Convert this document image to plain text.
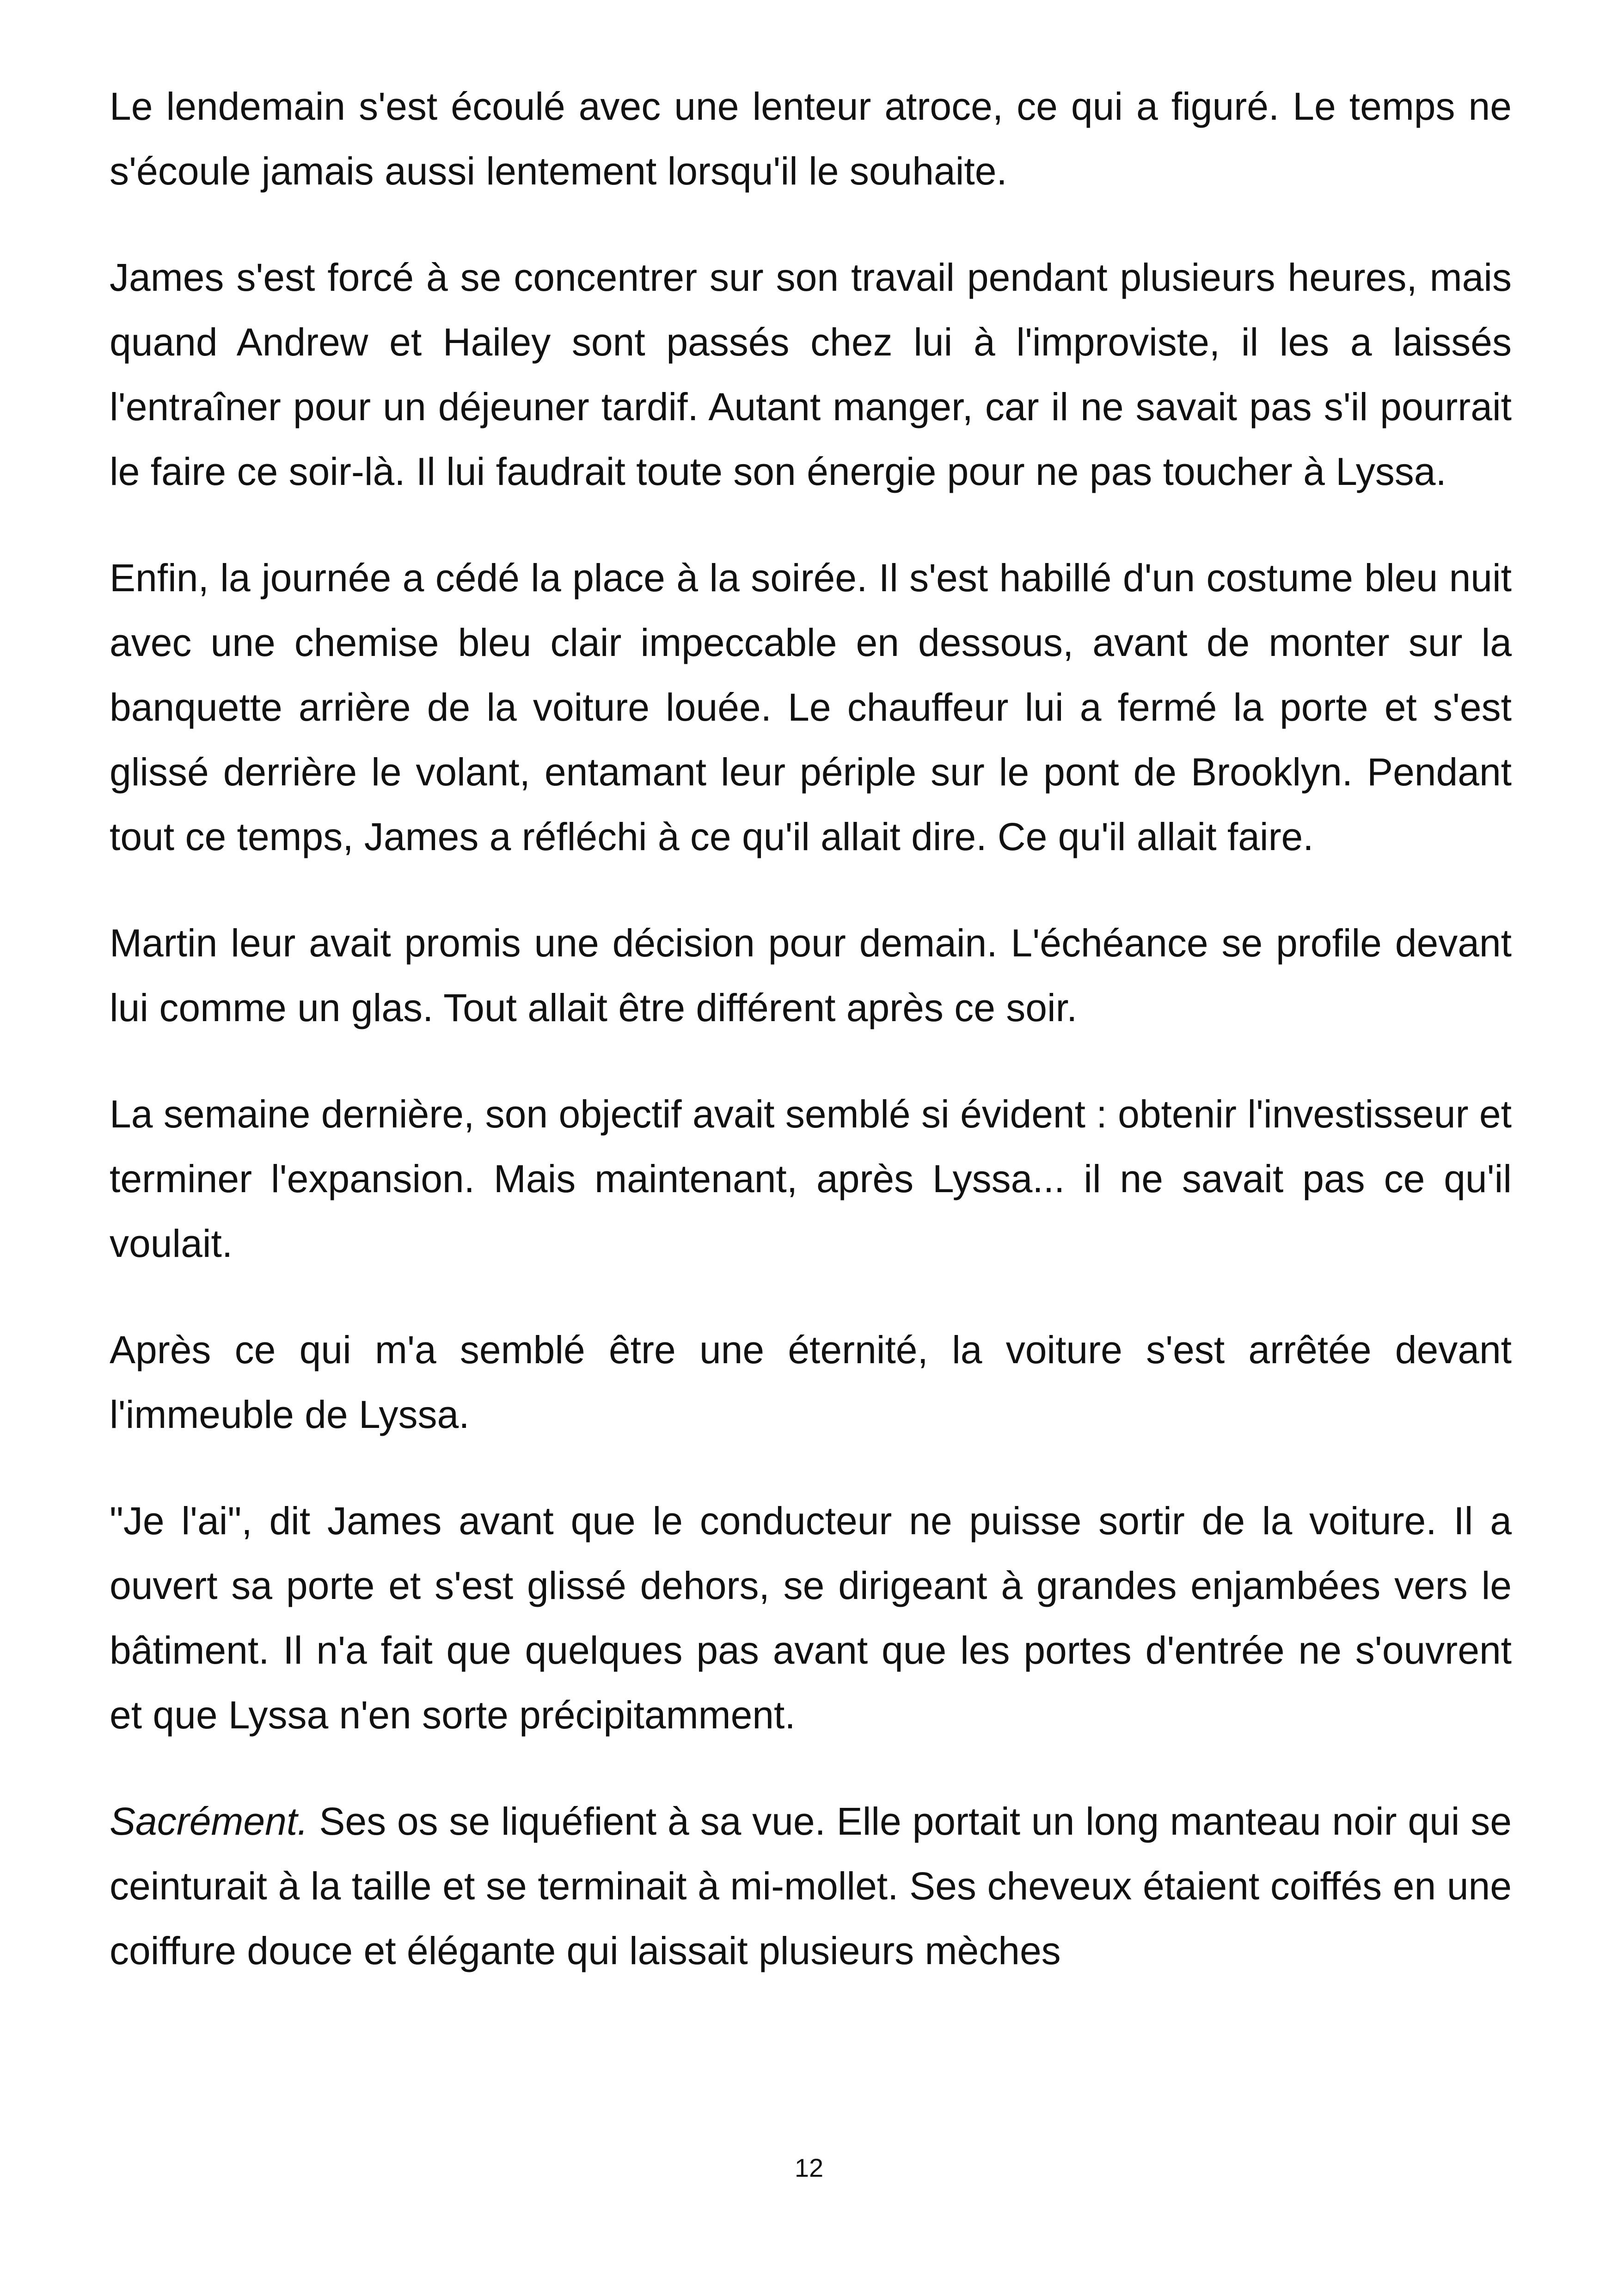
Le lendemain s'est écoulé avec une lenteur atroce, ce qui a figuré. Le temps ne s'écoule jamais aussi lentement lorsqu'il le souhaite.

James s'est forcé à se concentrer sur son travail pendant plusieurs heures, mais quand Andrew et Hailey sont passés chez lui à l'improviste, il les a laissés l'entraîner pour un déjeuner tardif. Autant manger, car il ne savait pas s'il pourrait le faire ce soir-là. Il lui faudrait toute son énergie pour ne pas toucher à Lyssa.

Enfin, la journée a cédé la place à la soirée. Il s'est habillé d'un costume bleu nuit avec une chemise bleu clair impeccable en dessous, avant de monter sur la banquette arrière de la voiture louée. Le chauffeur lui a fermé la porte et s'est glissé derrière le volant, entamant leur périple sur le pont de Brooklyn. Pendant tout ce temps, James a réfléchi à ce qu'il allait dire. Ce qu'il allait faire.

Martin leur avait promis une décision pour demain. L'échéance se profile devant lui comme un glas. Tout allait être différent après ce soir.

La semaine dernière, son objectif avait semblé si évident : obtenir l'investisseur et terminer l'expansion. Mais maintenant, après Lyssa... il ne savait pas ce qu'il voulait.

Après ce qui m'a semblé être une éternité, la voiture s'est arrêtée devant l'immeuble de Lyssa.

"Je l'ai", dit James avant que le conducteur ne puisse sortir de la voiture. Il a ouvert sa porte et s'est glissé dehors, se dirigeant à grandes enjambées vers le bâtiment. Il n'a fait que quelques pas avant que les portes d'entrée ne s'ouvrent et que Lyssa n'en sorte précipitamment.

Sacrément. Ses os se liquéfient à sa vue. Elle portait un long manteau noir qui se ceinturait à la taille et se terminait à mi-mollet. Ses cheveux étaient coiffés en une coiffure douce et élégante qui laissait plusieurs mèches

12
